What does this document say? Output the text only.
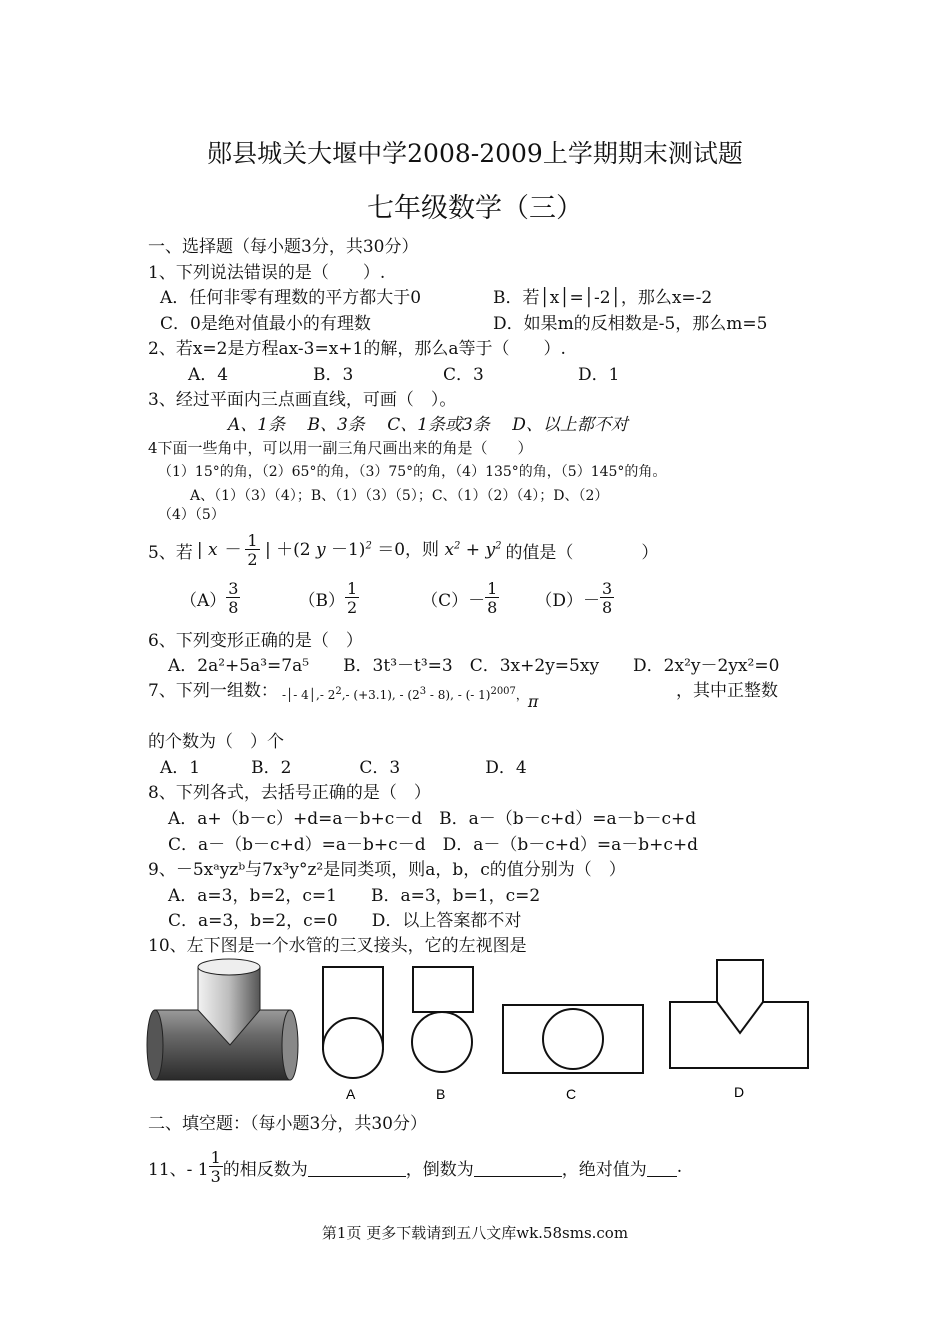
郧县城关大堰中学2008-2009上学期期末测试题
七年级数学（三）
一、选择题（每小题3分，共30分）
1、下列说法错误的是（　　）.
A．任何非零有理数的平方都大于0	B．若│x│=│-2│，那么x=-2
C．0是绝对值最小的有理数	D．如果m的反相数是-5，那么m=5
2、若x=2是方程ax-3=x+1的解，那么a等于（　　）.
A．4	B．3	C．3	D．1
3、经过平面内三点画直线，可画（　）。
A、1条　 B、3条　 C、1条或3条　 D、以上都不对
4下面一些角中，可以用一副三角尺画出来的角是（　　）
（1）15°的角，（2）65°的角，（3）75°的角，（4）135°的角，（5）145°的角。
A、（1）（3）（4）；B、（1）（3）（5）；C、（1）（2）（4）；D、（2）
（4）（5）
5、若 | $x - \frac{1}{2}$ | ＋(2 y －1)$^2$ ＝0，则 $x^2 + y^2$ 的值是（　　　　）
$(A) \frac{3}{8}$	$(B) \frac{1}{2}$	$(C)- \frac{1}{8} (D)- \frac{3}{8}$
6、下列变形正确的是（　）
A．2a²+5a³=7a⁵　　B．3t³－t³=3　C．3x+2y=5xy　　D．2x²y－2yx²=0
7、下列一组数： -│- 4│,- $2^2,-$ (+3.1), - $(2^3 - 8)$, - (- 1)$^{2007}$，π
，其中正整数
的个数为（　）个
A．1　　　B．2　　　　C．3　　　　　D．4
8、下列各式，去括号正确的是（　）
A．a+（b－c）+d=a－b+c－d　B．a－（b－c+d）=a－b－c+d
C．a－（b－c+d）=a－b+c－d　D．a－（b－c+d）=a－b+c+d
9、－5xᵃyzᵇ与7x³y°z²是同类项，则a，b，c的值分别为（　）
A．a=3，b=2，c=1　　B．a=3，b=1，c=2
C．a=3，b=2，c=0　　D．以上答案都不对
10、左下图是一个水管的三叉接头，它的左视图是
A	B	C	D
二、填空题：（每小题3分，共30分）
11、- $1 \frac{1}{3}$ 的相反数为	，倒数为	，绝对值为 .
第1页 更多下载请到五八文库wk.58sms.com
